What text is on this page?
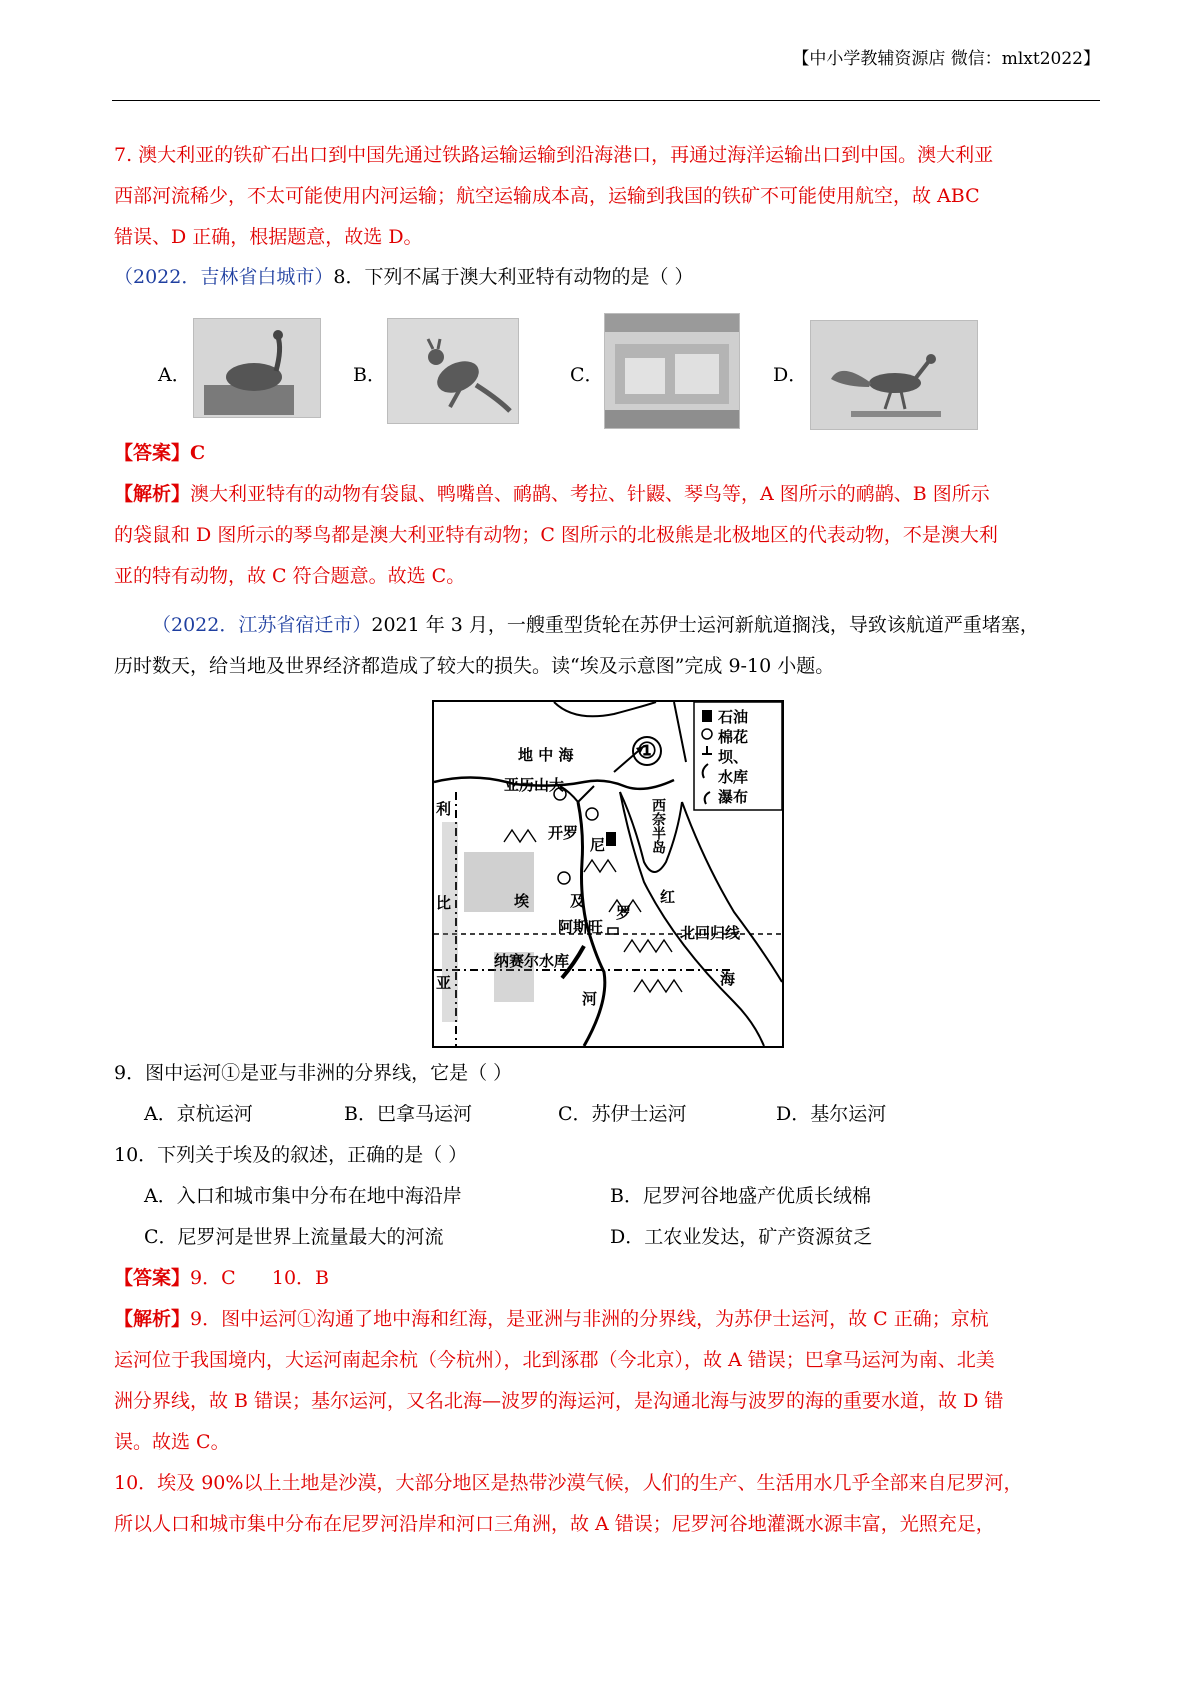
【中小学教辅资源店 微信：mlxt2022】
7. 澳大利亚的铁矿石出口到中国先通过铁路运输运输到沿海港口，再通过海洋运输出口到中国。澳大利亚
西部河流稀少，不太可能使用内河运输；航空运输成本高，运输到我国的铁矿不可能使用航空，故 ABC
错误、D 正确，根据题意，故选 D。
（2022．吉林省白城市）8．下列不属于澳大利亚特有动物的是（ ）
A．	B．	C．	D．
【答案】C
【解析】澳大利亚特有的动物有袋鼠、鸭嘴兽、鸸鹋、考拉、针鼹、琴鸟等，A 图所示的鸸鹋、B 图所示
的袋鼠和 D 图所示的琴鸟都是澳大利亚特有动物；C 图所示的北极熊是北极地区的代表动物，不是澳大利
亚的特有动物，故 C 符合题意。故选 C。
（2022．江苏省宿迁市）2021 年 3 月，一艘重型货轮在苏伊士运河新航道搁浅，导致该航道严重堵塞，
历时数天，给当地及世界经济都造成了较大的损失。读“埃及示意图”完成 9-10 小题。
石油
棉花
坝、
水库
瀑布
地 中 海	①
亚历山大
开罗	西奈半岛
利
比
亚
埃	及
尼
罗
河
红
海
阿斯旺	北回归线
纳赛尔水库
9．图中运河①是亚与非洲的分界线，它是（ ）
A．京杭运河	B．巴拿马运河	C．苏伊士运河	D．基尔运河
10．下列关于埃及的叙述，正确的是（ ）
A．入口和城市集中分布在地中海沿岸	B．尼罗河谷地盛产优质长绒棉
C．尼罗河是世界上流量最大的河流	D．工农业发达，矿产资源贫乏
【答案】9．C      10．B
【解析】9．图中运河①沟通了地中海和红海，是亚洲与非洲的分界线，为苏伊士运河，故 C 正确；京杭
运河位于我国境内，大运河南起余杭（今杭州），北到涿郡（今北京），故 A 错误；巴拿马运河为南、北美
洲分界线，故 B 错误；基尔运河，又名北海—波罗的海运河，是沟通北海与波罗的海的重要水道，故 D 错
误。故选 C。
10．埃及 90%以上土地是沙漠，大部分地区是热带沙漠气候，人们的生产、生活用水几乎全部来自尼罗河，
所以人口和城市集中分布在尼罗河沿岸和河口三角洲，故 A 错误；尼罗河谷地灌溉水源丰富，光照充足，
